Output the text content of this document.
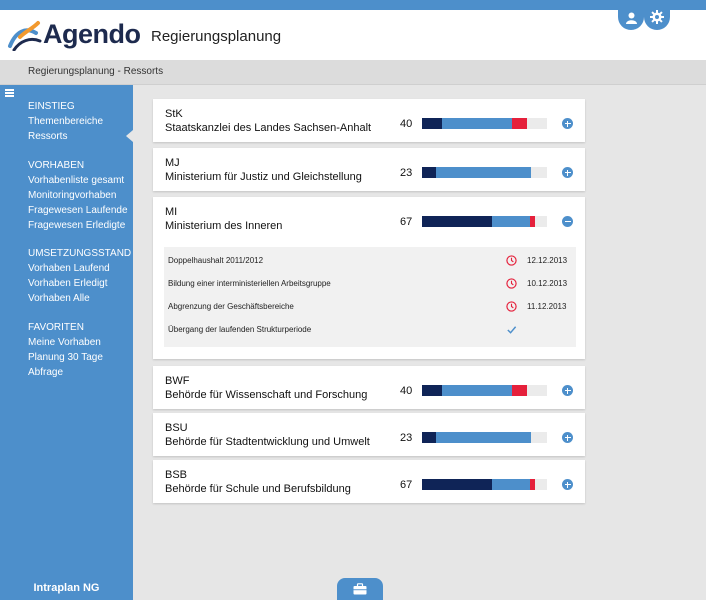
Agendo Regierungsplanung
Regierungsplanung - Ressorts
EINSTIEG
Themenbereiche
Ressorts
VORHABEN
Vorhabenliste gesamt
Monitoringvorhaben
Fragewesen Laufende
Fragewesen Erledigte
UMSETZUNGSSTAND
Vorhaben Laufend
Vorhaben Erledigt
Vorhaben Alle
FAVORITEN
Meine Vorhaben
Planung 30 Tage
Abfrage
Intraplan NG
StK
Staatskanzlei des Landes Sachsen-Anhalt	40
MJ
Ministerium für Justiz und Gleichstellung	23
MI
Ministerium des Inneren	67
Doppelhaushalt 2011/2012	12.12.2013
Bildung einer interministeriellen Arbeitsgruppe	10.12.2013
Abgrenzung der Geschäftsbereiche	11.12.2013
Übergang der laufenden Strukturperiode
BWF
Behörde für Wissenschaft und Forschung	40
BSU
Behörde für Stadtentwicklung und Umwelt	23
BSB
Behörde für Schule und Berufsbildung	67
